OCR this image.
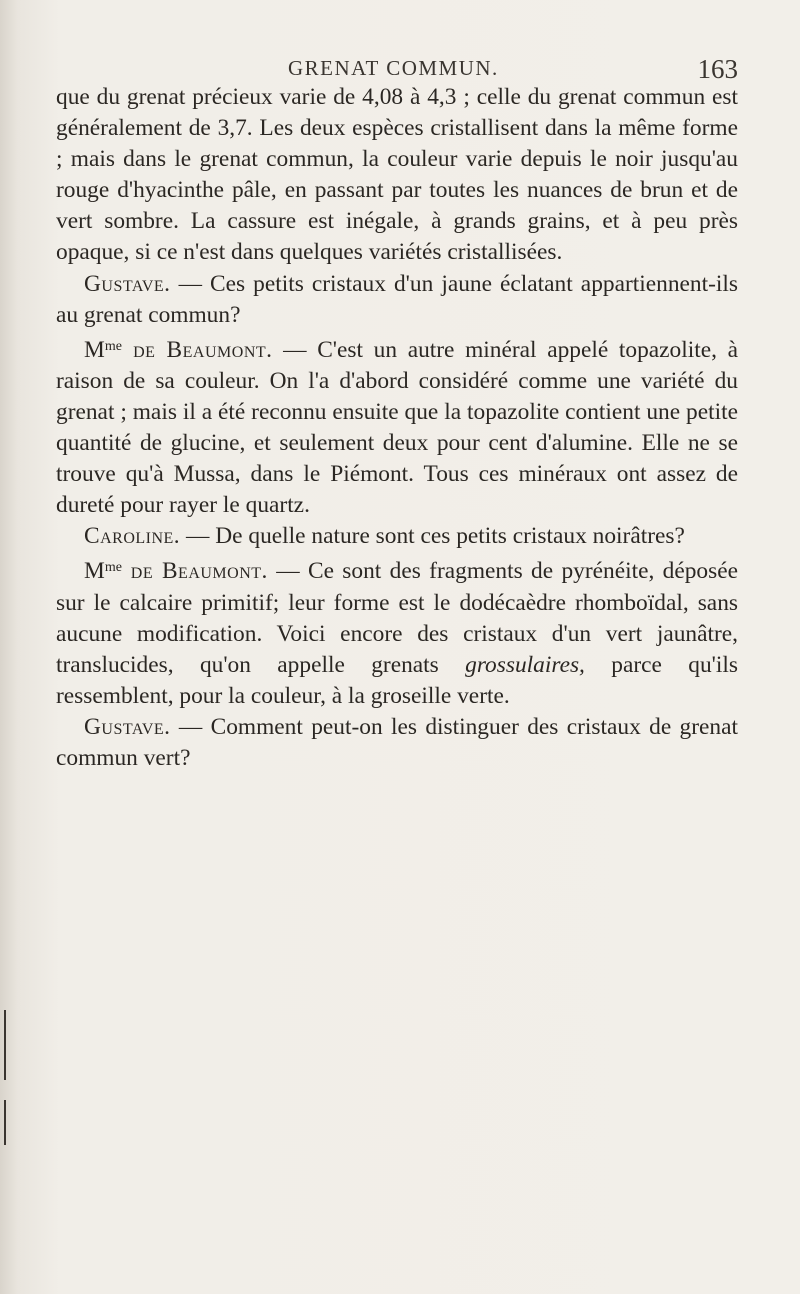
GRENAT COMMUN.	163

que du grenat précieux varie de 4,08 à 4,3 ; celle du grenat commun est généralement de 3,7. Les deux espèces cristallisent dans la même forme ; mais dans le grenat commun, la couleur varie depuis le noir jusqu'au rouge d'hyacinthe pâle, en passant par toutes les nuances de brun et de vert sombre. La cassure est inégale, à grands grains, et à peu près opaque, si ce n'est dans quelques variétés cristallisées.

Gustave. — Ces petits cristaux d'un jaune éclatant appartiennent-ils au grenat commun?

$M^{me}$ de Beaumont. — C'est un autre minéral appelé topazolite, à raison de sa couleur. On l'a d'abord considéré comme une variété du grenat ; mais il a été reconnu ensuite que la topazolite contient une petite quantité de glucine, et seulement deux pour cent d'alumine. Elle ne se trouve qu'à Mussa, dans le Piémont. Tous ces minéraux ont assez de dureté pour rayer le quartz.

Caroline. — De quelle nature sont ces petits cristaux noirâtres?

$M^{me}$ de Beaumont. — Ce sont des fragments de pyrénéite, déposée sur le calcaire primitif; leur forme est le dodécaèdre rhomboïdal, sans aucune modification. Voici encore des cristaux d'un vert jaunâtre, translucides, qu'on appelle grenats grossulaires, parce qu'ils ressemblent, pour la couleur, à la groseille verte.

Gustave. — Comment peut-on les distinguer des cristaux de grenat commun vert?
